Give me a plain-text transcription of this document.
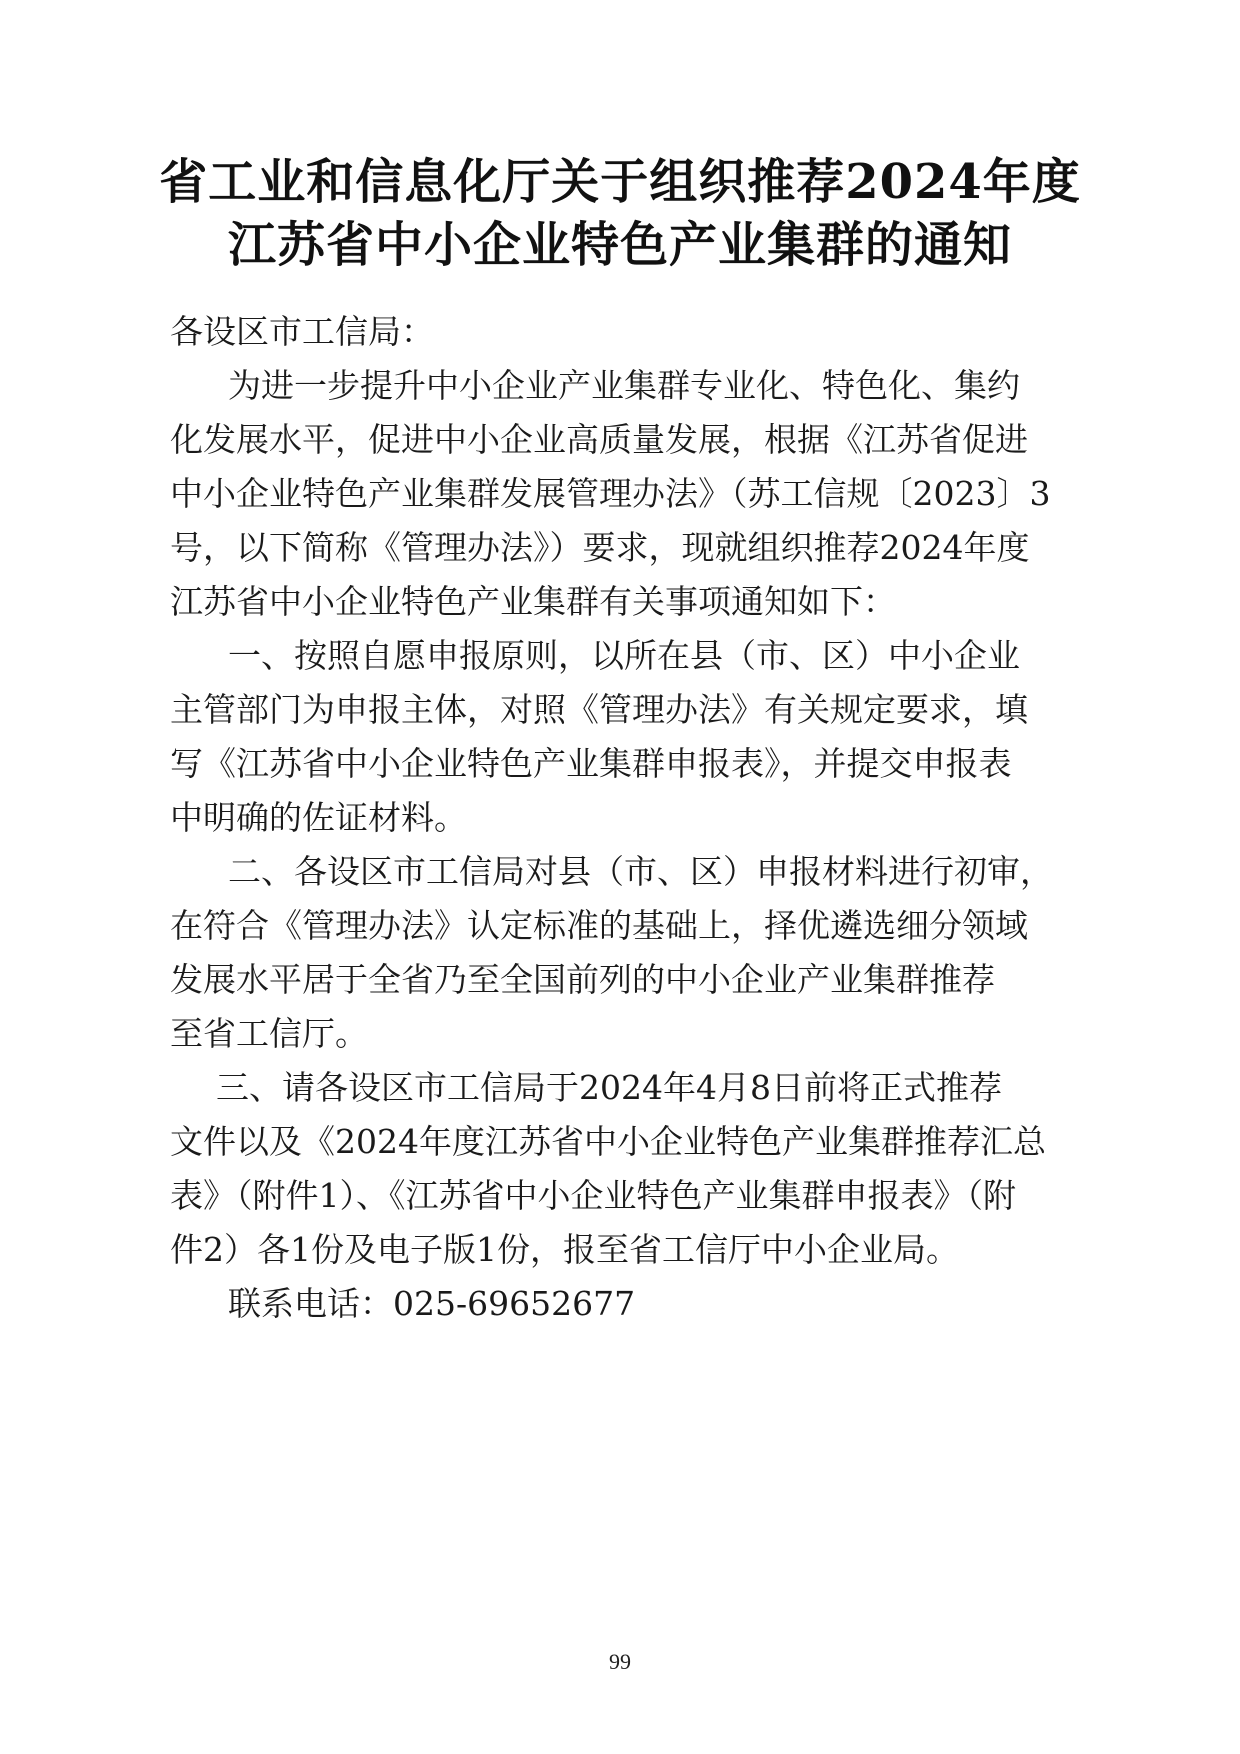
省工业和信息化厅关于组织推荐2024年度
江苏省中小企业特色产业集群的通知
各设区市工信局：
为进一步提升中小企业产业集群专业化、特色化、集约
化发展水平，促进中小企业高质量发展，根据《江苏省促进
中小企业特色产业集群发展管理办法》（苏工信规〔2023〕3
号，以下简称《管理办法》）要求，现就组织推荐2024年度
江苏省中小企业特色产业集群有关事项通知如下：
一、按照自愿申报原则，以所在县（市、区）中小企业
主管部门为申报主体，对照《管理办法》有关规定要求，填
写《江苏省中小企业特色产业集群申报表》，并提交申报表
中明确的佐证材料。
二、各设区市工信局对县（市、区）申报材料进行初审，
在符合《管理办法》认定标准的基础上，择优遴选细分领域
发展水平居于全省乃至全国前列的中小企业产业集群推荐
至省工信厅。
三、请各设区市工信局于2024年4月8日前将正式推荐
文件以及《2024年度江苏省中小企业特色产业集群推荐汇总
表》（附件1）、《江苏省中小企业特色产业集群申报表》（附
件2）各1份及电子版1份，报至省工信厅中小企业局。
联系电话：025-69652677
99
